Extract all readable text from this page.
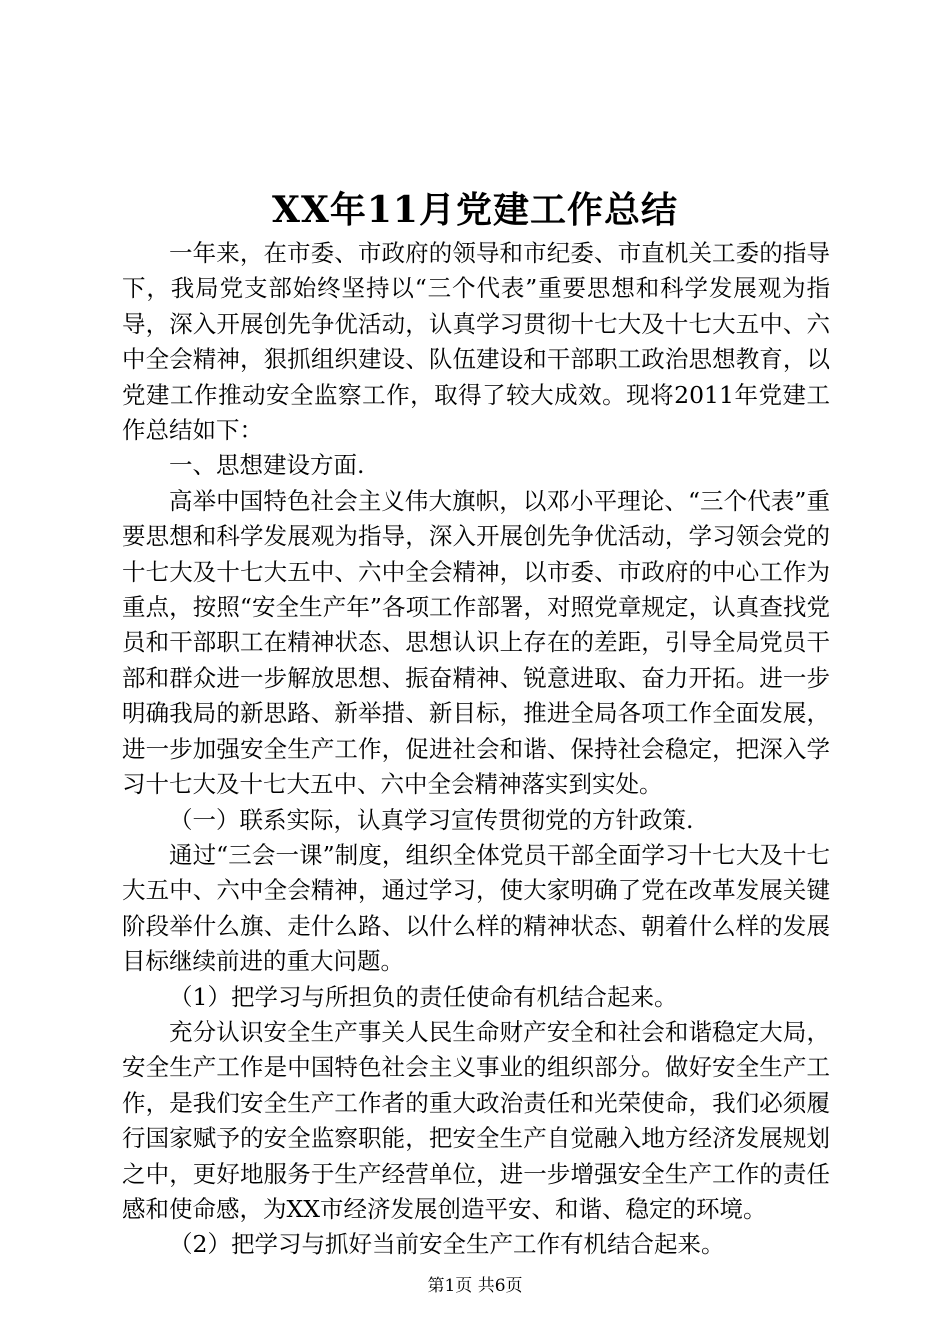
XX年11月党建工作总结

一年来，在市委、市政府的领导和市纪委、市直机关工委的指导下，我局党支部始终坚持以“三个代表”重要思想和科学发展观为指导，深入开展创先争优活动，认真学习贯彻十七大及十七大五中、六中全会精神，狠抓组织建设、队伍建设和干部职工政治思想教育，以党建工作推动安全监察工作，取得了较大成效。现将2011年党建工作总结如下：

一、思想建设方面.

高举中国特色社会主义伟大旗帜，以邓小平理论、“三个代表”重要思想和科学发展观为指导，深入开展创先争优活动，学习领会党的十七大及十七大五中、六中全会精神，以市委、市政府的中心工作为重点，按照“安全生产年”各项工作部署，对照党章规定，认真查找党员和干部职工在精神状态、思想认识上存在的差距，引导全局党员干部和群众进一步解放思想、振奋精神、锐意进取、奋力开拓。进一步明确我局的新思路、新举措、新目标，推进全局各项工作全面发展，进一步加强安全生产工作，促进社会和谐、保持社会稳定，把深入学习十七大及十七大五中、六中全会精神落实到实处。

（一）联系实际，认真学习宣传贯彻党的方针政策.

通过“三会一课”制度，组织全体党员干部全面学习十七大及十七大五中、六中全会精神，通过学习，使大家明确了党在改革发展关键阶段举什么旗、走什么路、以什么样的精神状态、朝着什么样的发展目标继续前进的重大问题。

（1）把学习与所担负的责任使命有机结合起来。

充分认识安全生产事关人民生命财产安全和社会和谐稳定大局，安全生产工作是中国特色社会主义事业的组织部分。做好安全生产工作，是我们安全生产工作者的重大政治责任和光荣使命，我们必须履行国家赋予的安全监察职能，把安全生产自觉融入地方经济发展规划之中，更好地服务于生产经营单位，进一步增强安全生产工作的责任感和使命感，为XX市经济发展创造平安、和谐、稳定的环境。

（2）把学习与抓好当前安全生产工作有机结合起来。

第1页 共6页
